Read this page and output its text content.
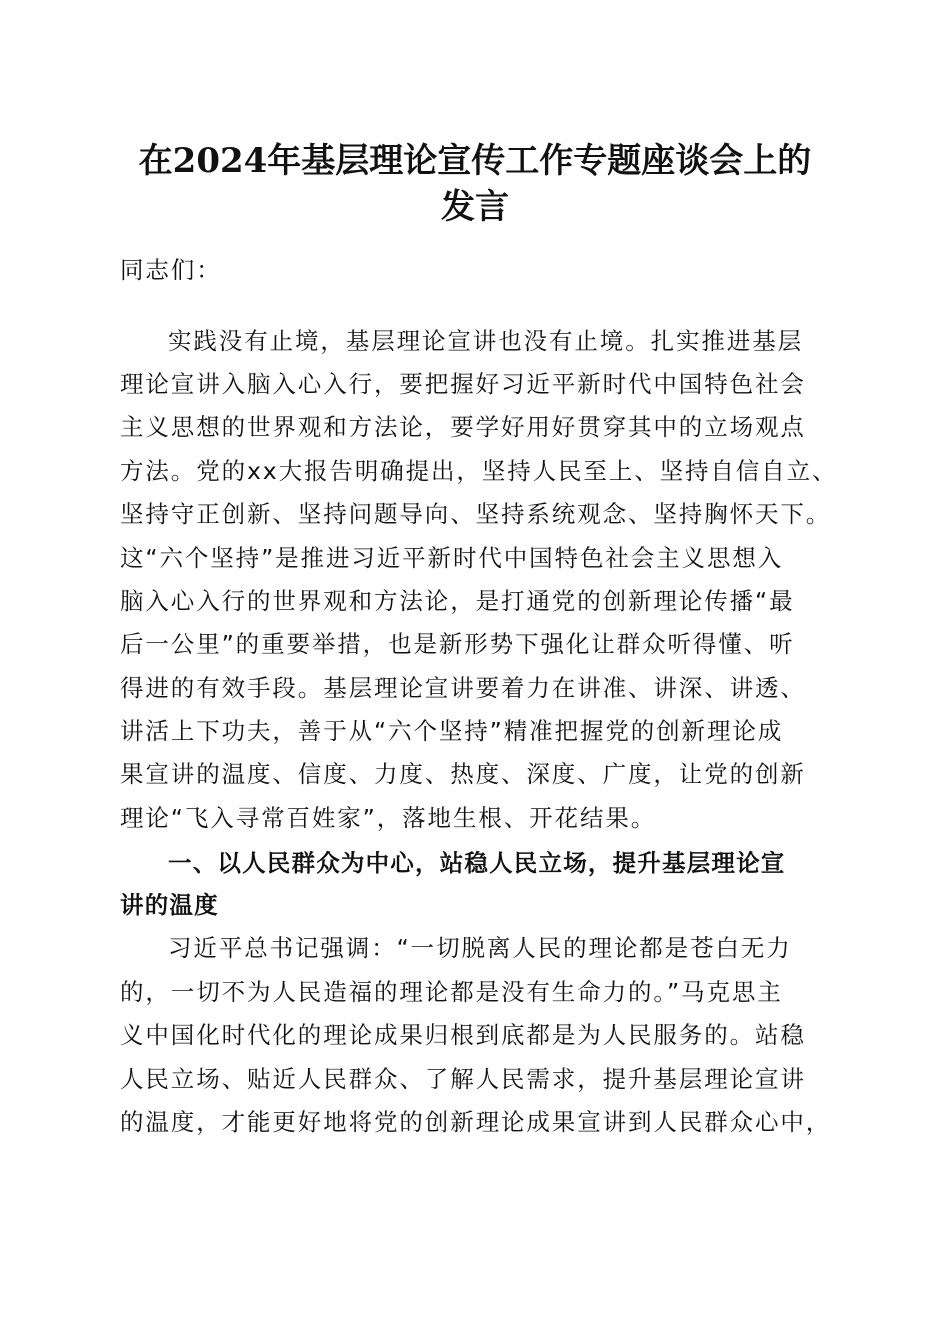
在2024年基层理论宣传工作专题座谈会上的
发言
同志们：
实践没有止境，基层理论宣讲也没有止境。扎实推进基层
理论宣讲入脑入心入行，要把握好习近平新时代中国特色社会
主义思想的世界观和方法论，要学好用好贯穿其中的立场观点
方法。党的xx大报告明确提出，坚持人民至上、坚持自信自立、
坚持守正创新、坚持问题导向、坚持系统观念、坚持胸怀天下。
这“六个坚持”是推进习近平新时代中国特色社会主义思想入
脑入心入行的世界观和方法论，是打通党的创新理论传播“最
后一公里”的重要举措，也是新形势下强化让群众听得懂、听
得进的有效手段。基层理论宣讲要着力在讲准、讲深、讲透、
讲活上下功夫，善于从“六个坚持”精准把握党的创新理论成
果宣讲的温度、信度、力度、热度、深度、广度，让党的创新
理论“飞入寻常百姓家”，落地生根、开花结果。
一、以人民群众为中心，站稳人民立场，提升基层理论宣
讲的温度
习近平总书记强调：“一切脱离人民的理论都是苍白无力
的，一切不为人民造福的理论都是没有生命力的。”马克思主
义中国化时代化的理论成果归根到底都是为人民服务的。站稳
人民立场、贴近人民群众、了解人民需求，提升基层理论宣讲
的温度，才能更好地将党的创新理论成果宣讲到人民群众心中，
